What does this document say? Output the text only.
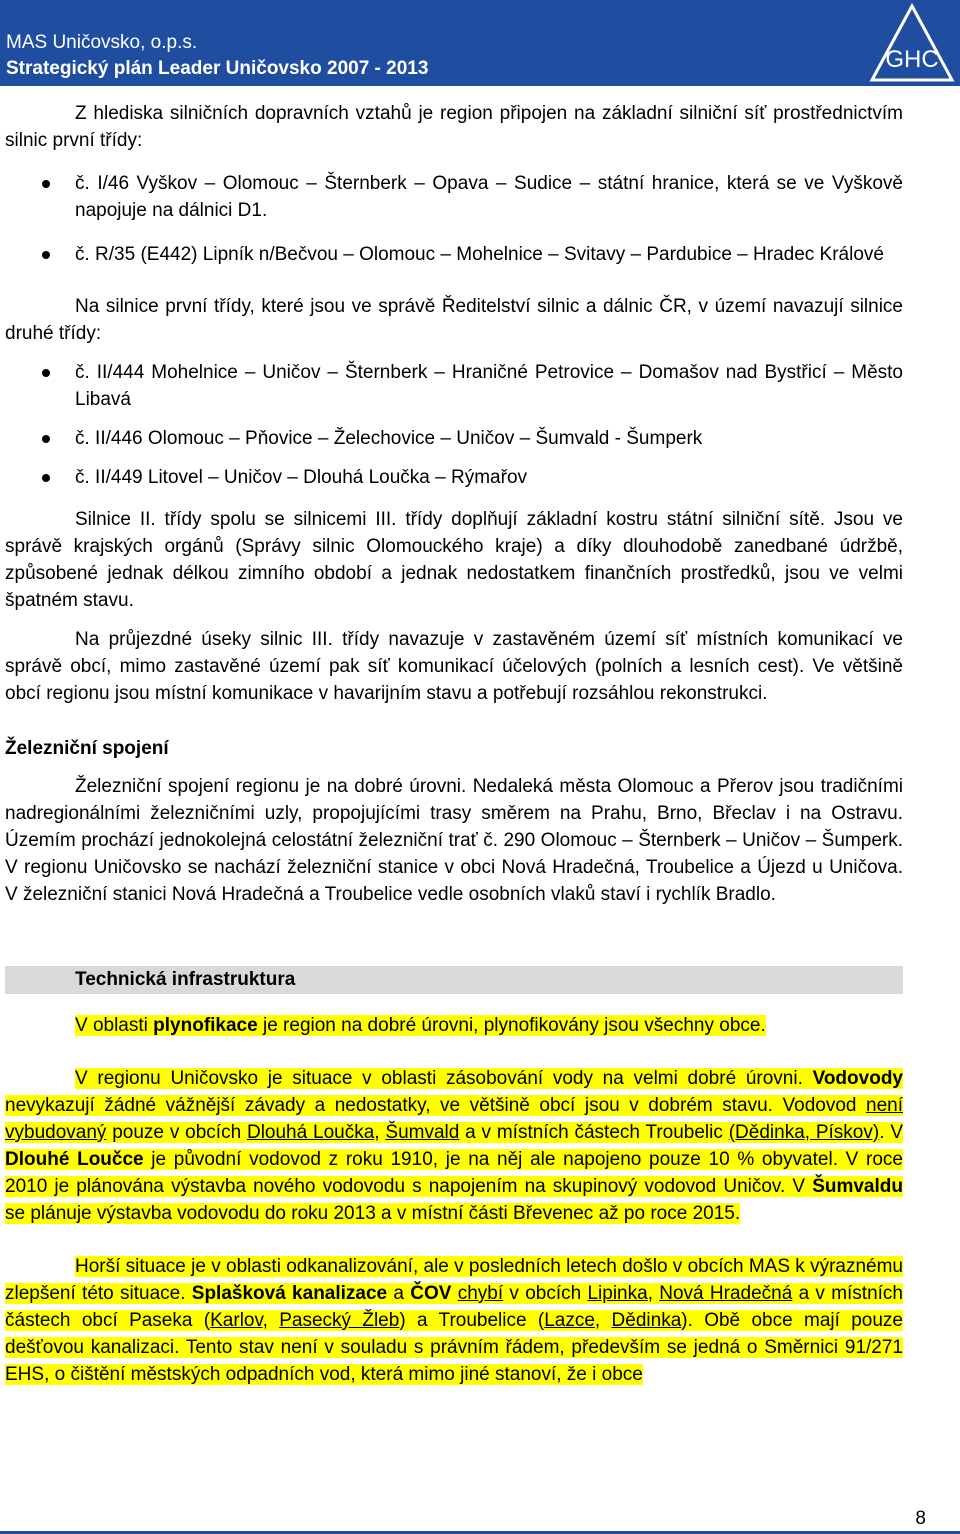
MAS Uničovsko, o.p.s.
Strategický plán Leader Uničovsko 2007 - 2013	GHC

Z hlediska silničních dopravních vztahů je region připojen na základní silniční síť prostřednictvím silnic první třídy:

č. I/46 Vyškov – Olomouc – Šternberk – Opava – Sudice – státní hranice, která se ve Vyškově napojuje na dálnici D1.
č. R/35 (E442) Lipník n/Bečvou – Olomouc – Mohelnice – Svitavy – Pardubice – Hradec Králové

Na silnice první třídy, které jsou ve správě Ředitelství silnic a dálnic ČR, v území navazují silnice druhé třídy:

č. II/444 Mohelnice – Uničov – Šternberk – Hraničné Petrovice – Domašov nad Bystřicí – Město Libavá
č. II/446 Olomouc – Pňovice – Želechovice – Uničov – Šumvald - Šumperk
č. II/449 Litovel – Uničov – Dlouhá Loučka – Rýmařov

Silnice II. třídy spolu se silnicemi III. třídy doplňují základní kostru státní silniční sítě. Jsou ve správě krajských orgánů (Správy silnic Olomouckého kraje) a díky dlouhodobě zanedbané údržbě, způsobené jednak délkou zimního období a jednak nedostatkem finančních prostředků, jsou ve velmi špatném stavu.

Na průjezdné úseky silnic III. třídy navazuje v zastavěném území síť místních komunikací ve správě obcí, mimo zastavěné území pak síť komunikací účelových (polních a lesních cest). Ve většině obcí regionu jsou místní komunikace v havarijním stavu a potřebují rozsáhlou rekonstrukci.

Železniční spojení

Železniční spojení regionu je na dobré úrovni. Nedaleká města Olomouc a Přerov jsou tradičními nadregionálními železničními uzly, propojujícími trasy směrem na Prahu, Brno, Břeclav i na Ostravu. Územím prochází jednokolejná celostátní železniční trať č. 290 Olomouc – Šternberk – Uničov – Šumperk. V regionu Uničovsko se nachází železniční stanice v obci Nová Hradečná, Troubelice a Újezd u Uničova. V železniční stanici Nová Hradečná a Troubelice vedle osobních vlaků staví i rychlík Bradlo.

Technická infrastruktura

V oblasti plynofikace je region na dobré úrovni, plynofikovány jsou všechny obce.

V regionu Uničovsko je situace v oblasti zásobování vody na velmi dobré úrovni. Vodovody nevykazují žádné vážnější závady a nedostatky, ve většině obcí jsou v dobrém stavu. Vodovod není vybudovaný pouze v obcích Dlouhá Loučka, Šumvald a v místních částech Troubelic (Dědinka, Pískov). V Dlouhé Loučce je původní vodovod z roku 1910, je na něj ale napojeno pouze 10 % obyvatel. V roce 2010 je plánována výstavba nového vodovodu s napojením na skupinový vodovod Uničov. V Šumvaldu se plánuje výstavba vodovodu do roku 2013 a v místní části Břevenec až po roce 2015.

Horší situace je v oblasti odkanalizování, ale v posledních letech došlo v obcích MAS k výraznému zlepšení této situace. Splašková kanalizace a ČOV chybí v obcích Lipinka, Nová Hradečná a v místních částech obcí Paseka (Karlov, Pasecký Žleb) a Troubelice (Lazce, Dědinka). Obě obce mají pouze dešťovou kanalizaci. Tento stav není v souladu s právním řádem, především se jedná o Směrnici 91/271 EHS, o čištění městských odpadních vod, která mimo jiné stanoví, že i obce

8
